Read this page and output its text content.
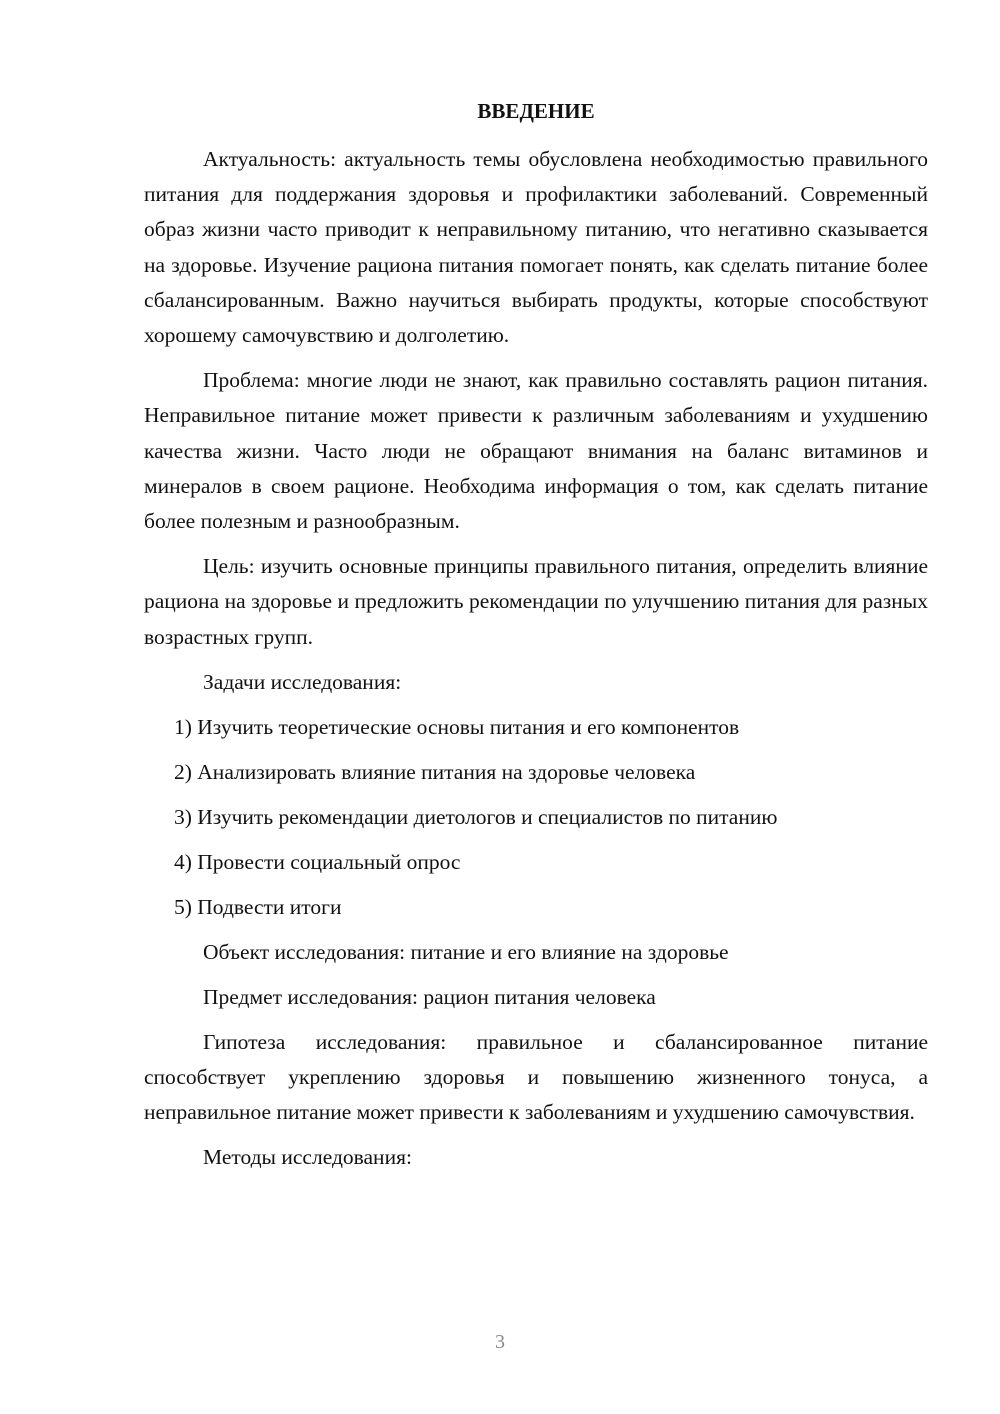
ВВЕДЕНИЕ

Актуальность: актуальность темы обусловлена необходимостью правильного питания для поддержания здоровья и профилактики заболеваний. Современный образ жизни часто приводит к неправильному питанию, что негативно сказывается на здоровье. Изучение рациона питания помогает понять, как сделать питание более сбалансированным. Важно научиться выбирать продукты, которые способствуют хорошему самочувствию и долголетию.

Проблема: многие люди не знают, как правильно составлять рацион питания. Неправильное питание может привести к различным заболеваниям и ухудшению качества жизни. Часто люди не обращают внимания на баланс витаминов и минералов в своем рационе. Необходима информация о том, как сделать питание более полезным и разнообразным.

Цель: изучить основные принципы правильного питания, определить влияние рациона на здоровье и предложить рекомендации по улучшению питания для разных возрастных групп.

Задачи исследования:
1) Изучить теоретические основы питания и его компонентов
2) Анализировать влияние питания на здоровье человека
3) Изучить рекомендации диетологов и специалистов по питанию
4) Провести социальный опрос
5) Подвести итоги
Объект исследования: питание и его влияние на здоровье
Предмет исследования: рацион питания человека

Гипотеза исследования: правильное и сбалансированное питание способствует укреплению здоровья и повышению жизненного тонуса, а неправильное питание может привести к заболеваниям и ухудшению самочувствия.

Методы исследования:
3
